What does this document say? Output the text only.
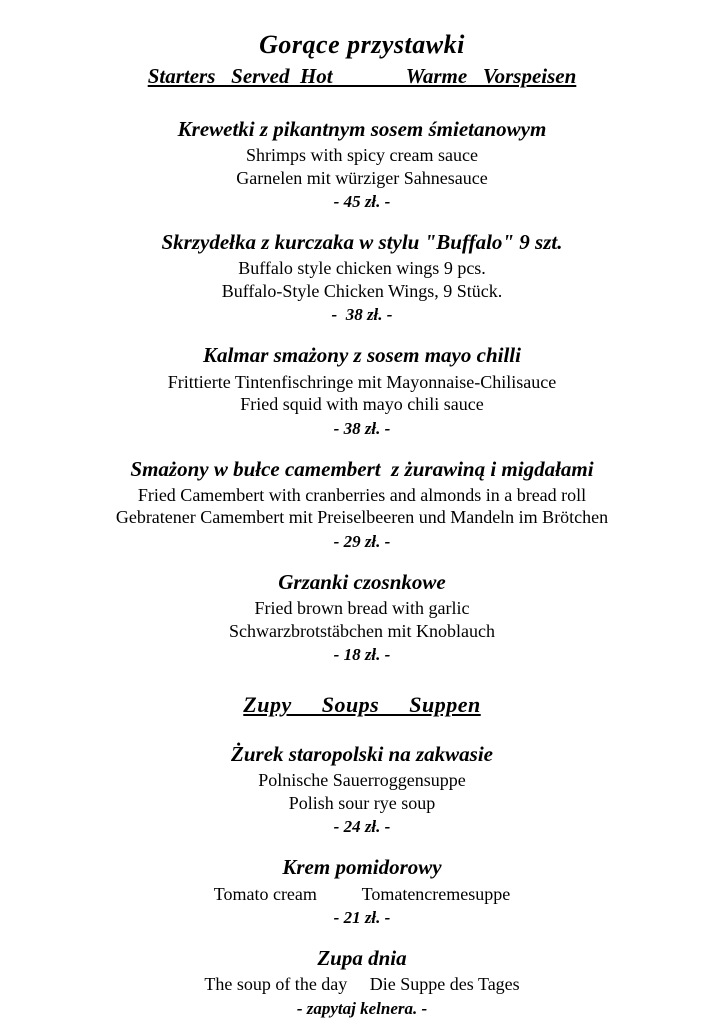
Gorące przystawki
Starters   Served  Hot              Warme   Vorspeisen
Krewetki z pikantnym sosem śmietanowym

Shrimps with spicy cream sauce

Garnelen mit würziger Sahnesauce

- 45 zł. -

Skrzydełka z kurczaka w stylu "Buffalo" 9 szt.

Buffalo style chicken wings 9 pcs.

Buffalo-Style Chicken Wings, 9 Stück.

-  38 zł. -

Kalmar smażony z sosem mayo chilli

Frittierte Tintenfischringe mit Mayonnaise-Chilisauce

Fried squid with mayo chili sauce

- 38 zł. -

Smażony w bułce camembert  z żurawiną i migdałami

Fried Camembert with cranberries and almonds in a bread roll

Gebratener Camembert mit Preiselbeeren und Mandeln im Brötchen

- 29 zł. -

Grzanki czosnkowe

Fried brown bread with garlic

Schwarzbrotstäbchen mit Knoblauch

- 18 zł. -

Zupy     Soups     Suppen
Żurek staropolski na zakwasie

Polnische Sauerroggensuppe

Polish sour rye soup

- 24 zł. -

Krem pomidorowy

Tomato cream          Tomatencremesuppe

- 21 zł. -

Zupa dnia

The soup of the day     Die Suppe des Tages

- zapytaj kelnera. -
